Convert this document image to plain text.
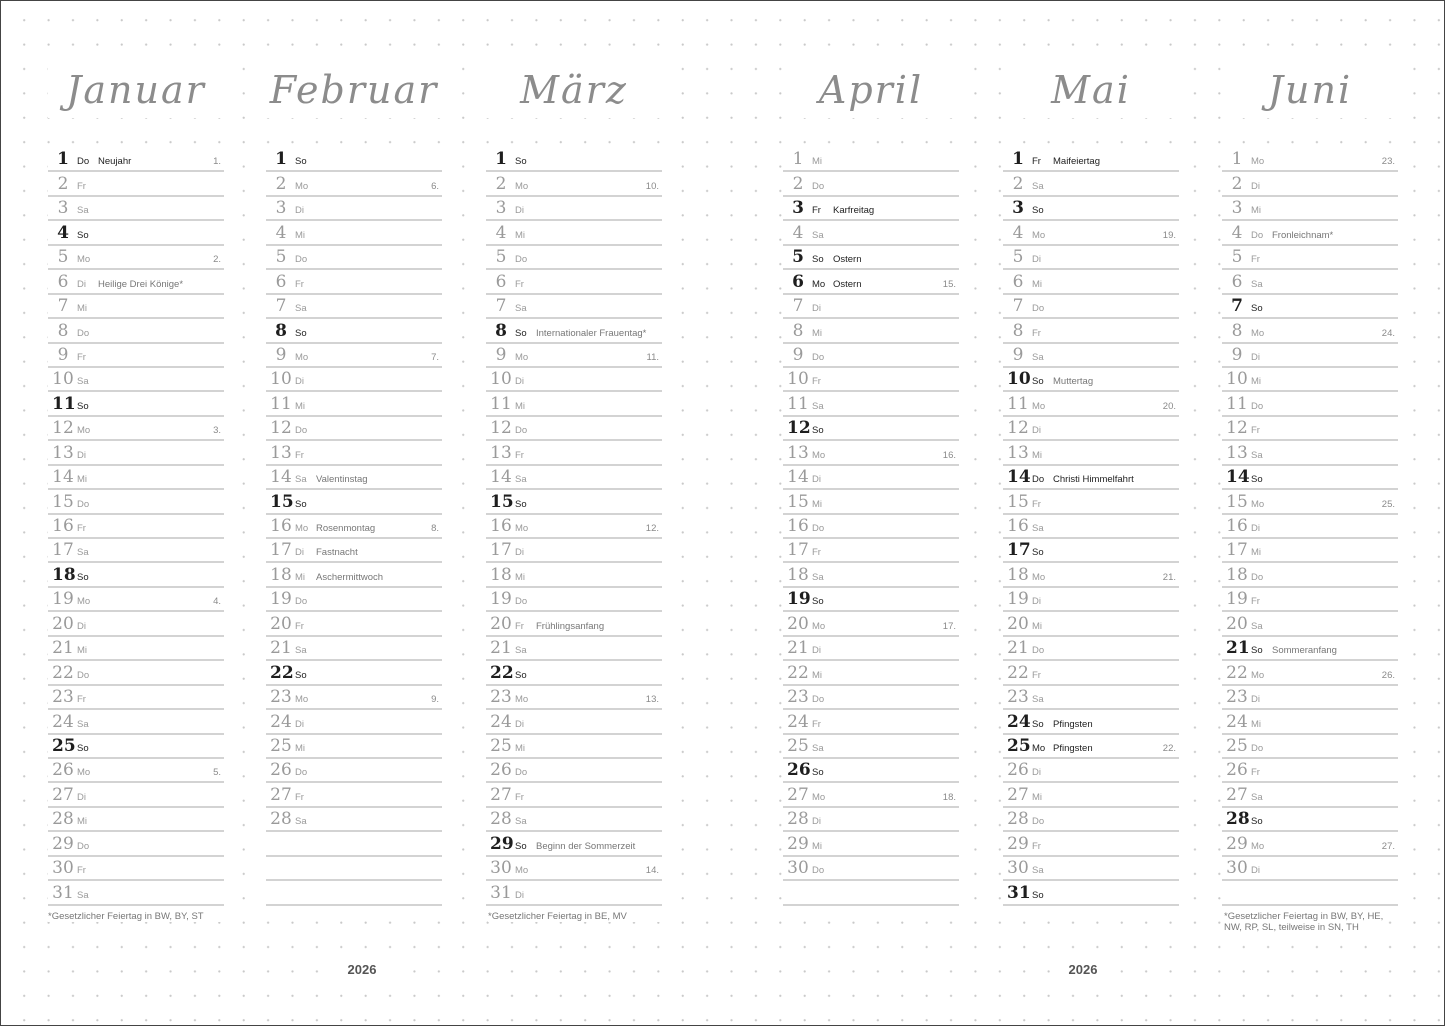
Januar
1 Do Neujahr	1.
2 Fr
3 Sa
4 So
5 Mo	2.
6 Di Heilige Drei Könige*
7 Mi
8 Do
9 Fr
10 Sa
11 So
12 Mo	3.
13 Di
14 Mi
15 Do
16 Fr
17 Sa
18 So
19 Mo	4.
20 Di
21 Mi
22 Do
23 Fr
24 Sa
25 So
26 Mo	5.
27 Di
28 Mi
29 Do
30 Fr
31 Sa
Februar
1 So
2 Mo	6.
3 Di
4 Mi
5 Do
6 Fr
7 Sa
8 So
9 Mo	7.
10 Di
11 Mi
12 Do
13 Fr
14 Sa Valentinstag
15 So
16 Mo Rosenmontag	8.
17 Di Fastnacht
18 Mi Aschermittwoch
19 Do
20 Fr
21 Sa
22 So
23 Mo	9.
24 Di
25 Mi
26 Do
27 Fr
28 Sa
März
1 So
2 Mo	10.
3 Di
4 Mi
5 Do
6 Fr
7 Sa
8 So Internationaler Frauentag*
9 Mo	11.
10 Di
11 Mi
12 Do
13 Fr
14 Sa
15 So
16 Mo	12.
17 Di
18 Mi
19 Do
20 Fr Frühlingsanfang
21 Sa
22 So
23 Mo	13.
24 Di
25 Mi
26 Do
27 Fr
28 Sa
29 So Beginn der Sommerzeit
30 Mo	14.
31 Di
April
1 Mi
2 Do
3 Fr Karfreitag
4 Sa
5 So Ostern
6 Mo Ostern	15.
7 Di
8 Mi
9 Do
10 Fr
11 Sa
12 So
13 Mo	16.
14 Di
15 Mi
16 Do
17 Fr
18 Sa
19 So
20 Mo	17.
21 Di
22 Mi
23 Do
24 Fr
25 Sa
26 So
27 Mo	18.
28 Di
29 Mi
30 Do
Mai
1 Fr Maifeiertag
2 Sa
3 So
4 Mo	19.
5 Di
6 Mi
7 Do
8 Fr
9 Sa
10 So Muttertag
11 Mo	20.
12 Di
13 Mi
14 Do Christi Himmelfahrt
15 Fr
16 Sa
17 So
18 Mo	21.
19 Di
20 Mi
21 Do
22 Fr
23 Sa
24 So Pfingsten
25 Mo Pfingsten	22.
26 Di
27 Mi
28 Do
29 Fr
30 Sa
31 So
Juni
1 Mo	23.
2 Di
3 Mi
4 Do Fronleichnam*
5 Fr
6 Sa
7 So
8 Mo	24.
9 Di
10 Mi
11 Do
12 Fr
13 Sa
14 So
15 Mo	25.
16 Di
17 Mi
18 Do
19 Fr
20 Sa
21 So Sommeranfang
22 Mo	26.
23 Di
24 Mi
25 Do
26 Fr
27 Sa
28 So
29 Mo	27.
30 Di
*Gesetzlicher Feiertag in BW, BY, ST	*Gesetzlicher Feiertag in BE, MV	*Gesetzlicher Feiertag in BW, BY, HE, NW, RP, SL, teilweise in SN, TH
2026	2026
